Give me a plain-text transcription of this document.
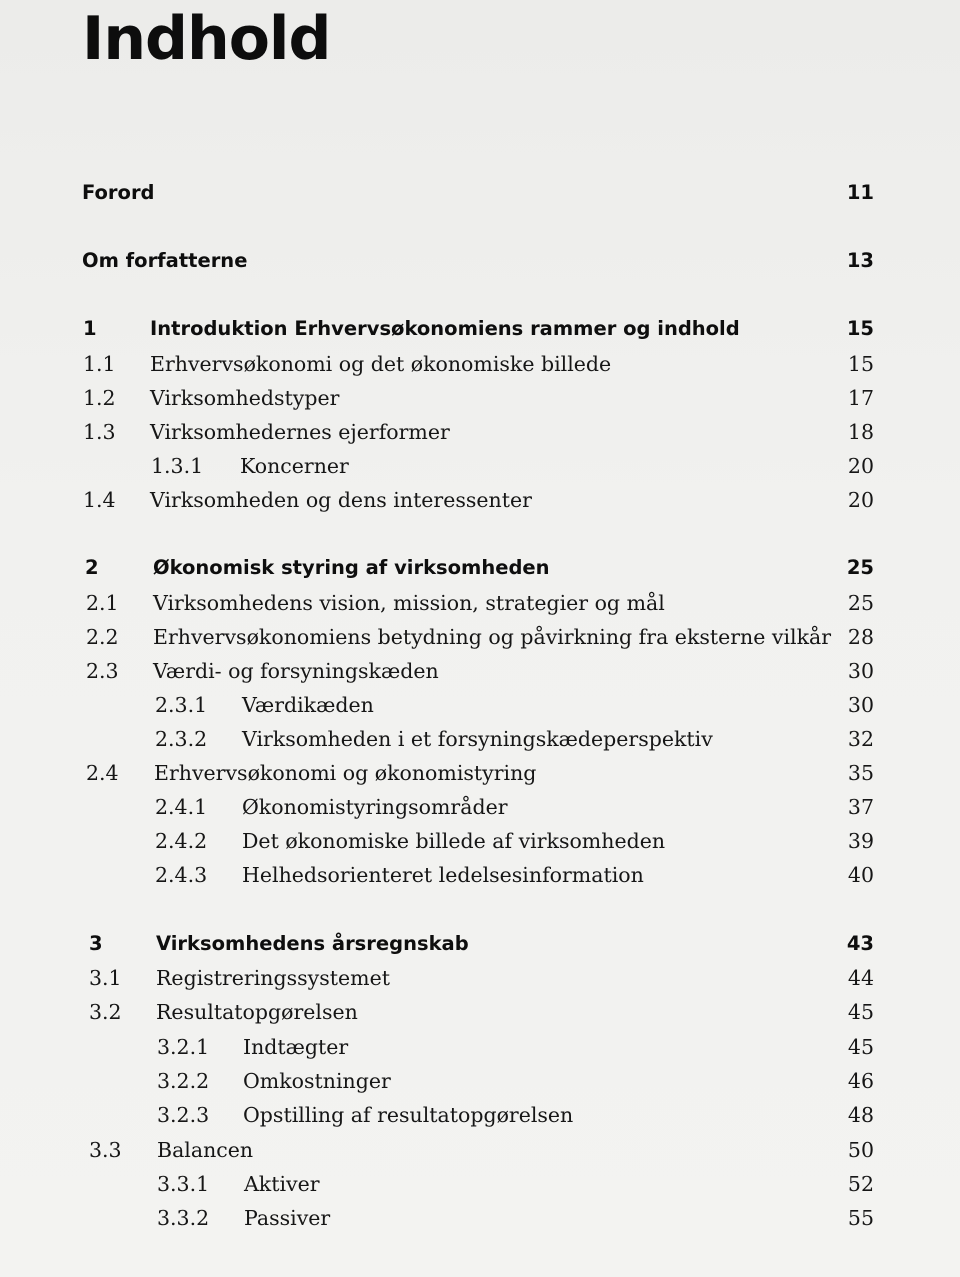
Indhold
Forord	11
Om forfatterne	13
1	Introduktion Erhvervsøkonomiens rammer og indhold	15
1.1 Erhvervsøkonomi og det økonomiske billede	15
1.2 Virksomhedstyper	17
1.3 Virksomhedernes ejerformer	18
1.3.1 Koncerner	20
1.4 Virksomheden og dens interessenter	20
2	Økonomisk styring af virksomheden	25
2.1 Virksomhedens vision, mission, strategier og mål	25
2.2 Erhvervsøkonomiens betydning og påvirkning fra eksterne vilkår 28
2.3 Værdi- og forsyningskæden	30
2.3.1 Værdikæden	30
2.3.2 Virksomheden i et forsyningskædeperspektiv	32
2.4 Erhvervsøkonomi og økonomistyring	35
2.4.1 Økonomistyringsområder	37
2.4.2 Det økonomiske billede af virksomheden	39
2.4.3 Helhedsorienteret ledelsesinformation	40
3	Virksomhedens årsregnskab	43
3.1 Registreringssystemet	44
3.2 Resultatopgørelsen	45
3.2.1 Indtægter	45
3.2.2 Omkostninger	46
3.2.3 Opstilling af resultatopgørelsen	48
3.3 Balancen	50
3.3.1 Aktiver	52
3.3.2 Passiver	55
